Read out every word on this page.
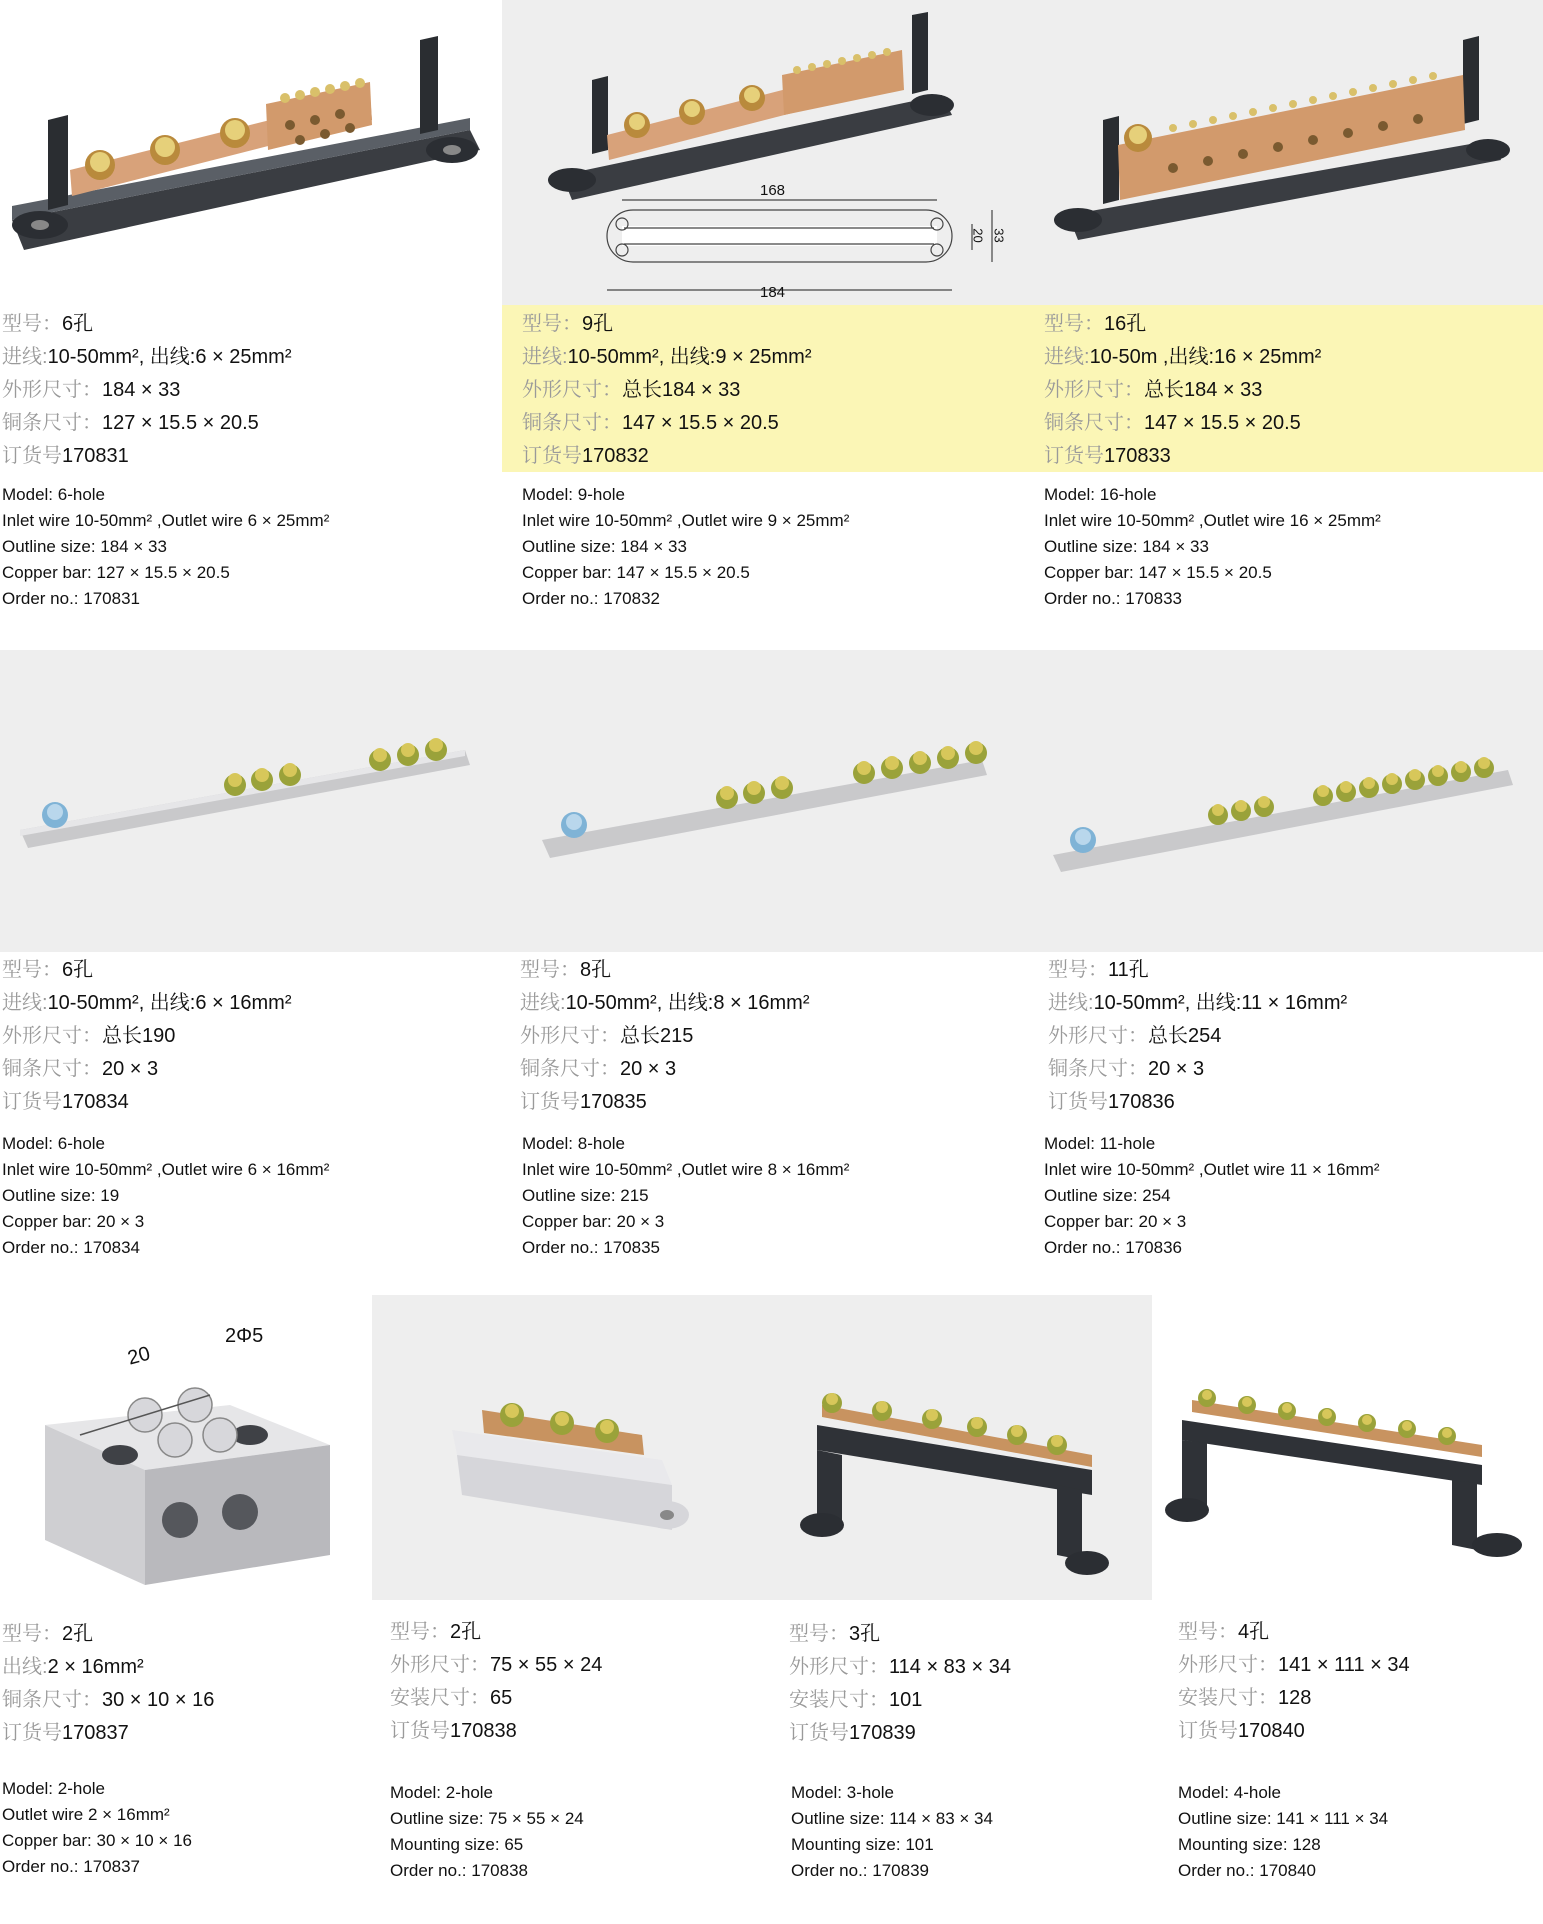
168
184
20 33
型号：6孔
进线:10-50mm², 出线:6 × 25mm²
外形尺寸：184 × 33
铜条尺寸：127 × 15.5 × 20.5
订货号170831
Model: 6-hole
Inlet wire 10-50mm² ,Outlet wire 6 × 25mm²
Outline size: 184 × 33
Copper bar: 127 × 15.5 × 20.5
Order no.: 170831
型号：9孔
进线:10-50mm², 出线:9 × 25mm²
外形尺寸：总长184 × 33
铜条尺寸：147 × 15.5 × 20.5
订货号170832
Model: 9-hole
Inlet wire 10-50mm² ,Outlet wire 9 × 25mm²
Outline size: 184 × 33
Copper bar: 147 × 15.5 × 20.5
Order no.: 170832
型号：16孔
进线:10-50m ,出线:16 × 25mm²
外形尺寸：总长184 × 33
铜条尺寸：147 × 15.5 × 20.5
订货号170833
Model: 16-hole
Inlet wire 10-50mm² ,Outlet wire 16 × 25mm²
Outline size: 184 × 33
Copper bar: 147 × 15.5 × 20.5
Order no.: 170833
型号：6孔
进线:10-50mm², 出线:6 × 16mm²
外形尺寸：总长190
铜条尺寸：20 × 3
订货号170834
Model: 6-hole
Inlet wire 10-50mm² ,Outlet wire 6 × 16mm²
Outline size: 19
Copper bar: 20 × 3
Order no.: 170834
型号：8孔
进线:10-50mm², 出线:8 × 16mm²
外形尺寸：总长215
铜条尺寸：20 × 3
订货号170835
Model: 8-hole
Inlet wire 10-50mm² ,Outlet wire 8 × 16mm²
Outline size: 215
Copper bar: 20 × 3
Order no.: 170835
型号：11孔
进线:10-50mm², 出线:11 × 16mm²
外形尺寸：总长254
铜条尺寸：20 × 3
订货号170836
Model: 11-hole
Inlet wire 10-50mm² ,Outlet wire 11 × 16mm²
Outline size: 254
Copper bar: 20 × 3
Order no.: 170836
20
2Φ5
型号：2孔
出线:2 × 16mm²
铜条尺寸：30 × 10 × 16
订货号170837
Model: 2-hole
Outlet wire 2 × 16mm²
Copper bar: 30 × 10 × 16
Order no.: 170837
型号：2孔
外形尺寸：75 × 55 × 24
安装尺寸：65
订货号170838
Model: 2-hole
Outline size: 75 × 55 × 24
Mounting size: 65
Order no.: 170838
型号：3孔
外形尺寸：114 × 83 × 34
安装尺寸：101
订货号170839
Model: 3-hole
Outline size: 114 × 83 × 34
Mounting size: 101
Order no.: 170839
型号：4孔
外形尺寸：141 × 111 × 34
安装尺寸：128
订货号170840
Model: 4-hole
Outline size: 141 × 111 × 34
Mounting size: 128
Order no.: 170840
